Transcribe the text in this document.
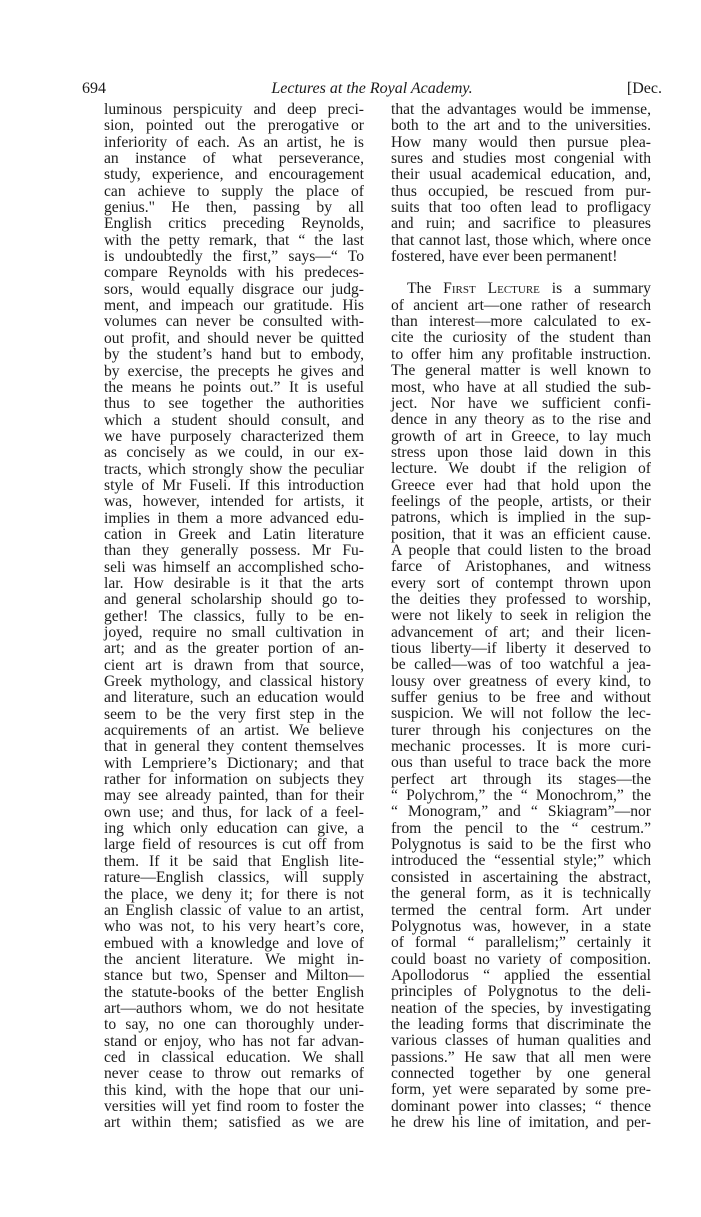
694	Lectures at the Royal Academy.	[Dec.
luminous perspicuity and deep preci-
sion, pointed out the prerogative or
inferiority of each. As an artist, he is
an instance of what perseverance,
study, experience, and encouragement
can achieve to supply the place of
genius." He then, passing by all
English critics preceding Reynolds,
with the petty remark, that “ the last
is undoubtedly the first,” says—“ To
compare Reynolds with his predeces-
sors, would equally disgrace our judg-
ment, and impeach our gratitude. His
volumes can never be consulted with-
out profit, and should never be quitted
by the student’s hand but to embody,
by exercise, the precepts he gives and
the means he points out.” It is useful
thus to see together the authorities
which a student should consult, and
we have purposely characterized them
as concisely as we could, in our ex-
tracts, which strongly show the peculiar
style of Mr Fuseli. If this introduction
was, however, intended for artists, it
implies in them a more advanced edu-
cation in Greek and Latin literature
than they generally possess. Mr Fu-
seli was himself an accomplished scho-
lar. How desirable is it that the arts
and general scholarship should go to-
gether! The classics, fully to be en-
joyed, require no small cultivation in
art; and as the greater portion of an-
cient art is drawn from that source,
Greek mythology, and classical history
and literature, such an education would
seem to be the very first step in the
acquirements of an artist. We believe
that in general they content themselves
with Lempriere’s Dictionary; and that
rather for information on subjects they
may see already painted, than for their
own use; and thus, for lack of a feel-
ing which only education can give, a
large field of resources is cut off from
them. If it be said that English lite-
rature—English classics, will supply
the place, we deny it; for there is not
an English classic of value to an artist,
who was not, to his very heart’s core,
embued with a knowledge and love of
the ancient literature. We might in-
stance but two, Spenser and Milton—
the statute-books of the better English
art—authors whom, we do not hesitate
to say, no one can thoroughly under-
stand or enjoy, who has not far advan-
ced in classical education. We shall
never cease to throw out remarks of
this kind, with the hope that our uni-
versities will yet find room to foster the
art within them; satisfied as we are
that the advantages would be immense,
both to the art and to the universities.
How many would then pursue plea-
sures and studies most congenial with
their usual academical education, and,
thus occupied, be rescued from pur-
suits that too often lead to profligacy
and ruin; and sacrifice to pleasures
that cannot last, those which, where once
fostered, have ever been permanent!
The First Lecture is a summary
of ancient art—one rather of research
than interest—more calculated to ex-
cite the curiosity of the student than
to offer him any profitable instruction.
The general matter is well known to
most, who have at all studied the sub-
ject. Nor have we sufficient confi-
dence in any theory as to the rise and
growth of art in Greece, to lay much
stress upon those laid down in this
lecture. We doubt if the religion of
Greece ever had that hold upon the
feelings of the people, artists, or their
patrons, which is implied in the sup-
position, that it was an efficient cause.
A people that could listen to the broad
farce of Aristophanes, and witness
every sort of contempt thrown upon
the deities they professed to worship,
were not likely to seek in religion the
advancement of art; and their licen-
tious liberty—if liberty it deserved to
be called—was of too watchful a jea-
lousy over greatness of every kind, to
suffer genius to be free and without
suspicion. We will not follow the lec-
turer through his conjectures on the
mechanic processes. It is more curi-
ous than useful to trace back the more
perfect art through its stages—the
“ Polychrom,” the “ Monochrom,” the
“ Monogram,” and “ Skiagram”—nor
from the pencil to the “ cestrum.”
Polygnotus is said to be the first who
introduced the “essential style;” which
consisted in ascertaining the abstract,
the general form, as it is technically
termed the central form. Art under
Polygnotus was, however, in a state
of formal “ parallelism;” certainly it
could boast no variety of composition.
Apollodorus “ applied the essential
principles of Polygnotus to the deli-
neation of the species, by investigating
the leading forms that discriminate the
various classes of human qualities and
passions.” He saw that all men were
connected together by one general
form, yet were separated by some pre-
dominant power into classes; “ thence
he drew his line of imitation, and per-
